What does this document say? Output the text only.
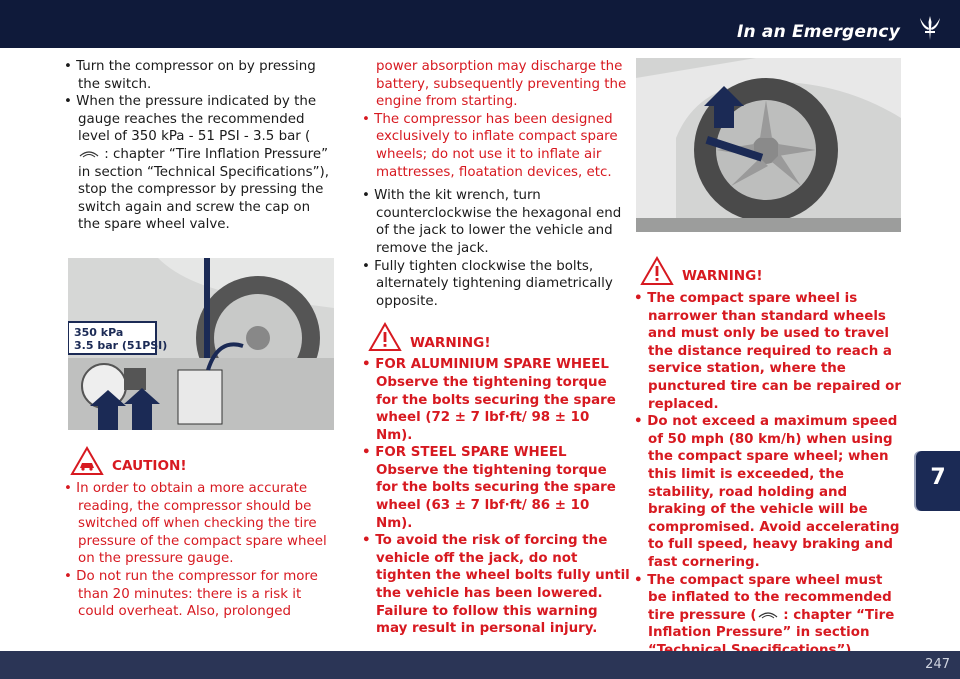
In an Emergency

• Turn the compressor on by pressing the switch.

• When the pressure indicated by the gauge reaches the recommended level of 350 kPa - 51 PSI - 3.5 bar ( : chapter “Tire Inflation Pressure” in section “Technical Specifications”), stop the compressor by pressing the switch again and screw the cap on the spare wheel valve.

350 kPa
3.5 bar (51PSI)
CAUTION!

• In order to obtain a more accurate reading, the compressor should be switched off when checking the tire pressure of the compact spare wheel on the pressure gauge.

• Do not run the compressor for more than 20 minutes: there is a risk it could overheat. Also, prolonged

power absorption may discharge the battery, subsequently preventing the engine from starting.

• The compressor has been designed exclusively to inflate compact spare wheels; do not use it to inflate air mattresses, floatation devices, etc.

• With the kit wrench, turn counterclockwise the hexagonal end of the jack to lower the vehicle and remove the jack.

• Fully tighten clockwise the bolts, alternately tightening diametrically opposite.

WARNING!

• FOR ALUMINIUM SPARE WHEEL Observe the tightening torque for the bolts securing the spare wheel (72 ± 7 lbf·ft/ 98 ± 10 Nm).

• FOR STEEL SPARE WHEEL Observe the tightening torque for the bolts securing the spare wheel (63 ± 7 lbf·ft/ 86 ± 10 Nm).

• To avoid the risk of forcing the vehicle off the jack, do not tighten the wheel bolts fully until the vehicle has been lowered. Failure to follow this warning may result in personal injury.

WARNING!

• The compact spare wheel is narrower than standard wheels and must only be used to travel the distance required to reach a service station, where the punctured tire can be repaired or replaced.

• Do not exceed a maximum speed of 50 mph (80 km/h) when using the compact spare wheel; when this limit is exceeded, the stability, road holding and braking of the vehicle will be compromised. Avoid accelerating to full speed, heavy braking and fast cornering.

• The compact spare wheel must be inflated to the recommended tire pressure ( : chapter “Tire Inflation Pressure” in section

7
247
